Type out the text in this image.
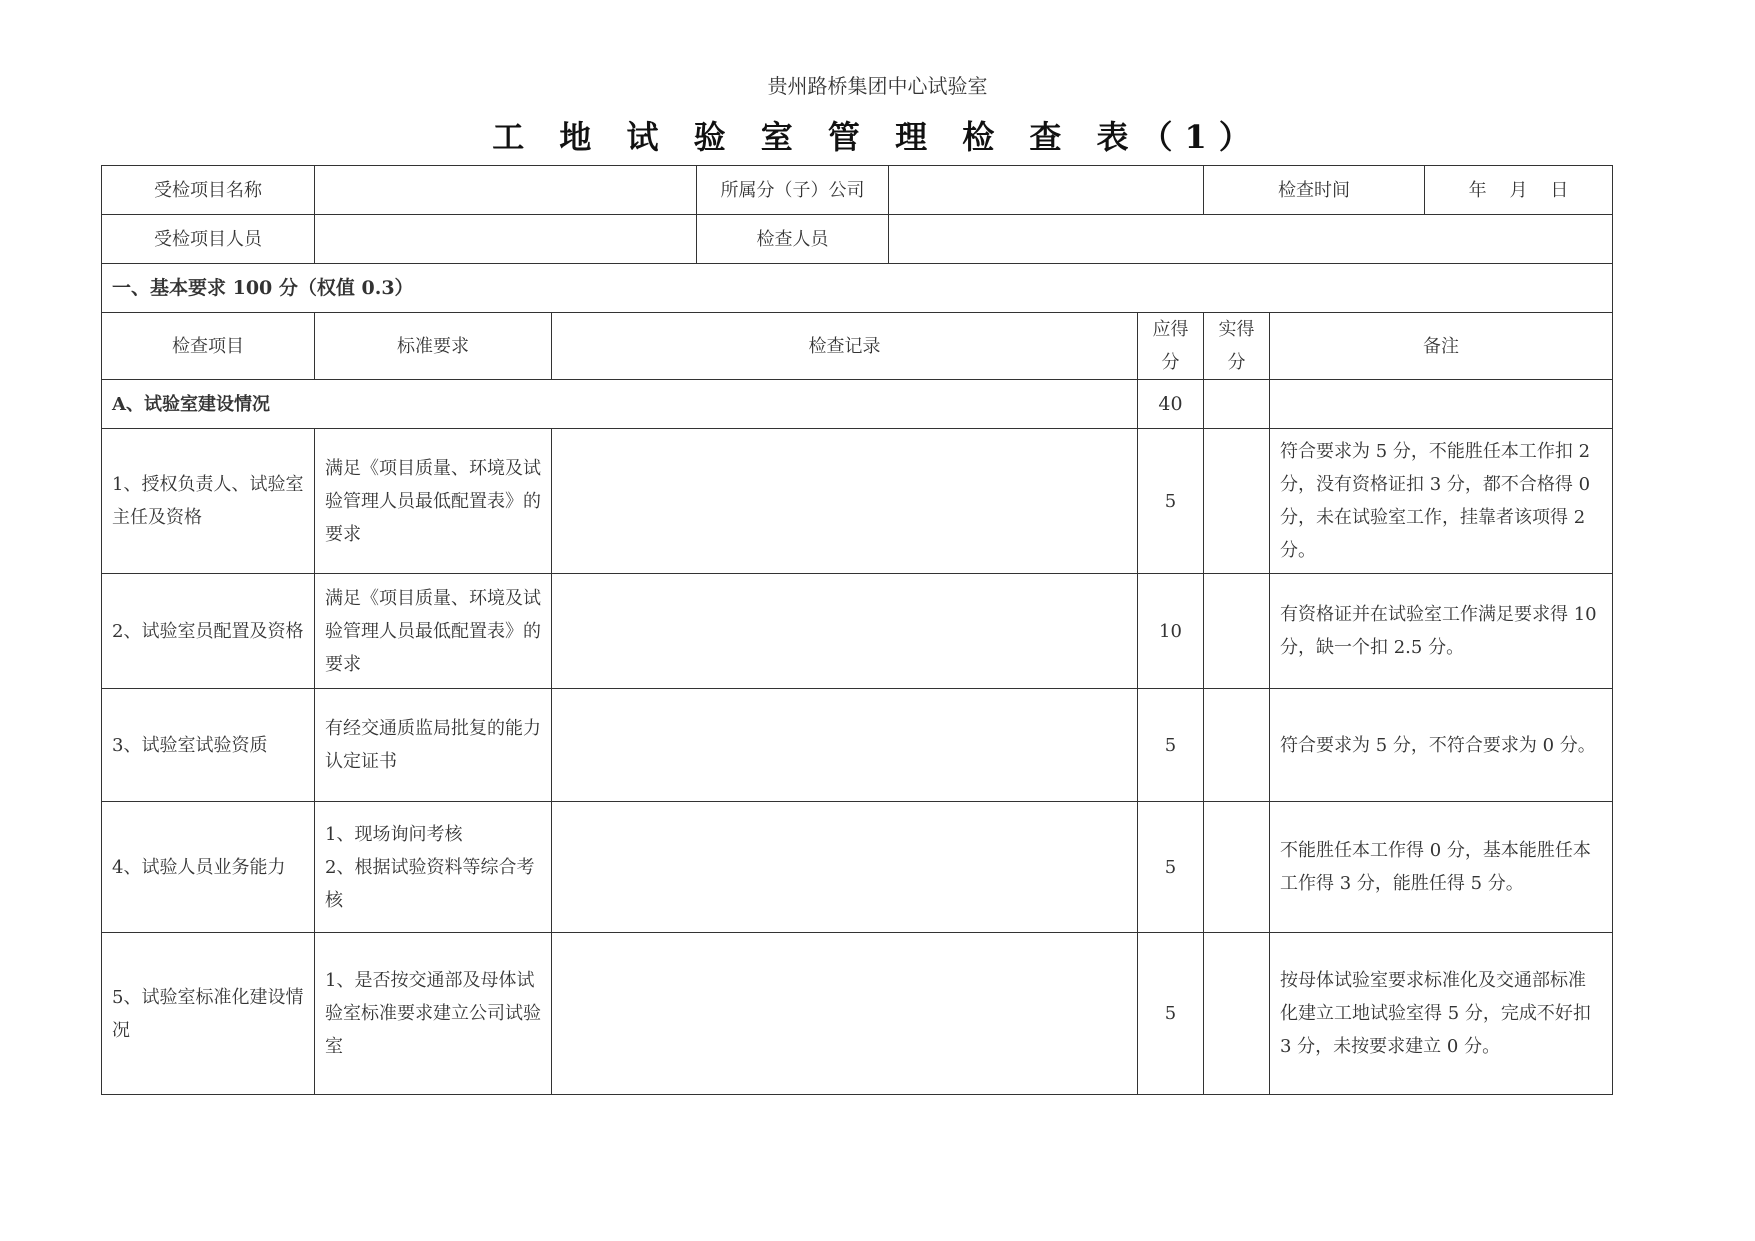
贵州路桥集团中心试验室
工 地 试 验 室 管 理 检 查 表（1）
受检项目名称			所属分（子）公司			检查时间		年    月    日
受检项目人员			检查人员					
一、基本要求 100 分（权值 0.3）								
检查项目	标准要求	检查记录			应得分	实得分	备注	
A、试验室建设情况					40			
1、授权负责人、试验室主任及资格	满足《项目质量、环境及试验管理人员最低配置表》的要求				5		符合要求为 5 分，不能胜任本工作扣 2 分，没有资格证扣 3 分，都不合格得 0 分，未在试验室工作，挂靠者该项得 2 分。	
2、试验室员配置及资格	满足《项目质量、环境及试验管理人员最低配置表》的要求				10		有资格证并在试验室工作满足要求得 10 分，缺一个扣 2.5 分。	
3、试验室试验资质	有经交通质监局批复的能力认定证书				5		符合要求为 5 分，不符合要求为 0 分。	
4、试验人员业务能力	1、现场询问考核
2、根据试验资料等综合考核				5		不能胜任本工作得 0 分，基本能胜任本工作得 3 分，能胜任得 5 分。	
5、试验室标准化建设情况	1、是否按交通部及母体试验室标准要求建立公司试验室				5		按母体试验室要求标准化及交通部标准化建立工地试验室得 5 分，完成不好扣 3 分，未按要求建立 0 分。	
